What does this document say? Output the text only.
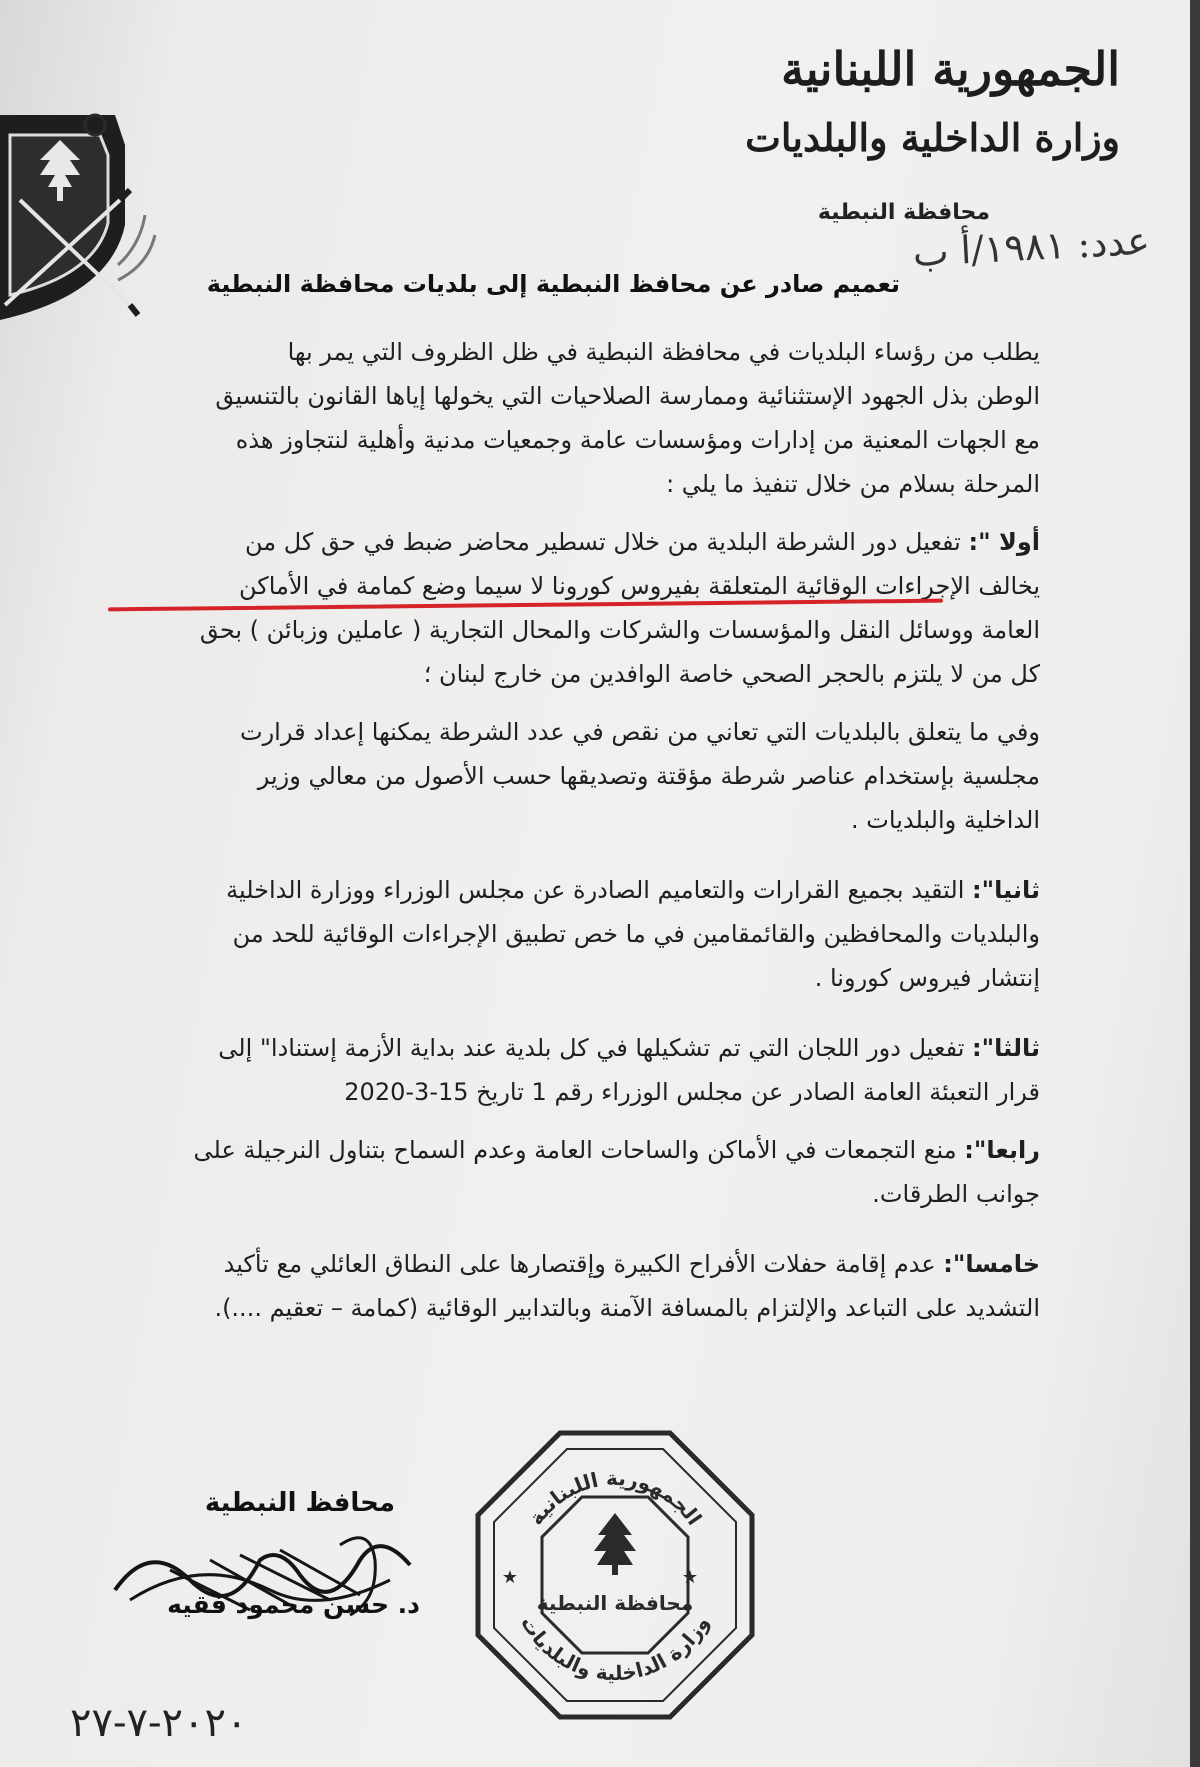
الجمهورية اللبنانية
وزارة الداخلية والبلديات
محافظة النبطية
عدد: ١٩٨١/أ ب
تعميم صادر عن محافظ النبطية إلى بلديات محافظة النبطية

يطلب من رؤساء البلديات في محافظة النبطية في ظل الظروف التي يمر بها

الوطن بذل الجهود الإستثنائية وممارسة الصلاحيات التي يخولها إياها القانون بالتنسيق

مع الجهات المعنية من إدارات ومؤسسات عامة وجمعيات مدنية وأهلية لنتجاوز هذه

المرحلة بسلام من خلال تنفيذ ما يلي :

أولا ": تفعيل دور الشرطة البلدية من خلال تسطير محاضر ضبط في حق كل من

يخالف الإجراءات الوقائية المتعلقة بفيروس كورونا لا سيما وضع كمامة في الأماكن

العامة ووسائل النقل والمؤسسات والشركات والمحال التجارية ( عاملين وزبائن ) بحق

كل من لا يلتزم بالحجر الصحي خاصة الوافدين من خارج لبنان ؛

وفي ما يتعلق بالبلديات التي تعاني من نقص في عدد الشرطة يمكنها إعداد قرارت

مجلسية بإستخدام عناصر شرطة مؤقتة وتصديقها حسب الأصول من معالي وزير

الداخلية والبلديات .

ثانيا": التقيد بجميع القرارات والتعاميم الصادرة عن مجلس الوزراء ووزارة الداخلية

والبلديات والمحافظين والقائمقامين في ما خص تطبيق الإجراءات الوقائية للحد من

إنتشار فيروس كورونا .

ثالثا": تفعيل دور اللجان التي تم تشكيلها في كل بلدية عند بداية الأزمة إستنادا" إلى

قرار التعبئة العامة الصادر عن مجلس الوزراء رقم 1 تاريخ 15-3-2020

رابعا": منع التجمعات في الأماكن والساحات العامة وعدم السماح بتناول النرجيلة على

جوانب الطرقات.

خامسا": عدم إقامة حفلات الأفراح الكبيرة وإقتصارها على النطاق العائلي مع تأكيد

التشديد على التباعد والإلتزام بالمسافة الآمنة وبالتدابير الوقائية (كمامة – تعقيم ....).

محافظ النبطية
د. حسن محمود فقيه
٢٠٢٠-٧-٢٧
محافظة النبطية
الجمهورية اللبنانية
وزارة الداخلية والبلديات
★	★
